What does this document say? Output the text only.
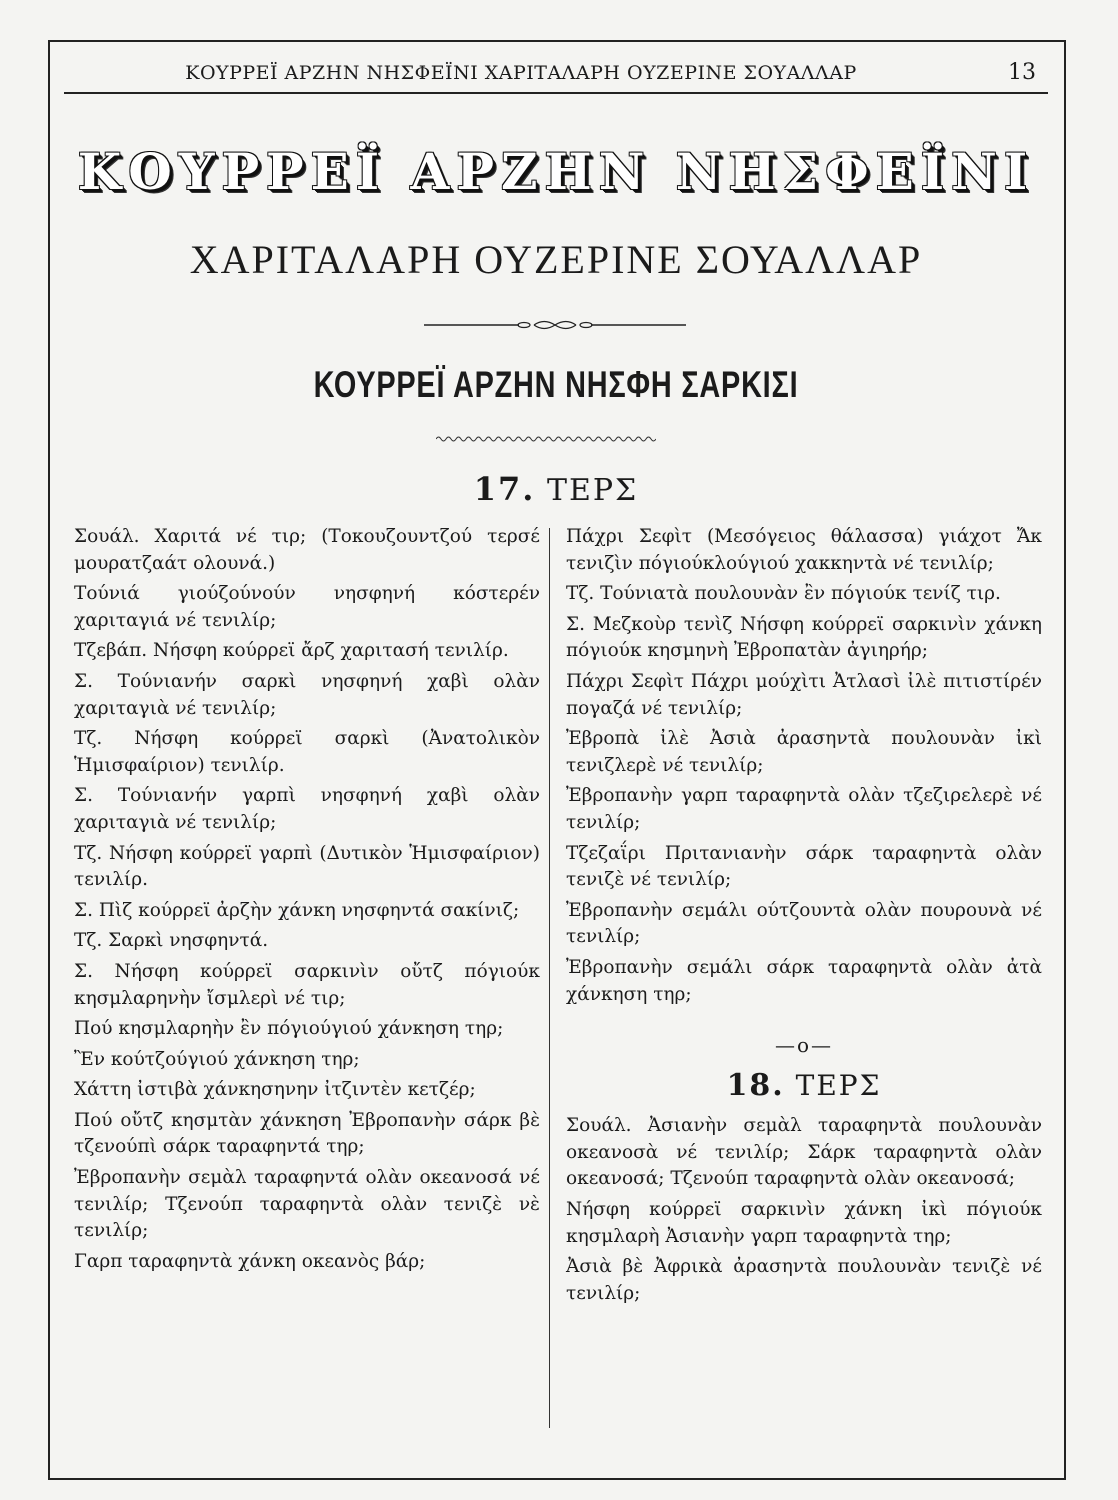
ΚΟΥΡΡΕΪ ΑΡΖΗΝ ΝΗΣΦΕΪΝΙ ΧΑΡΙΤΑΛΑΡΗ ΟΥΖΕΡΙΝΕ ΣΟΥΑΛΛΑΡ	13
ΚΟΥΡΡΕΪ ΑΡΖΗΝ ΝΗΣΦΕΪΝΙ
ΧΑΡΙΤΑΛΑΡΗ ΟΥΖΕΡΙΝΕ ΣΟΥΑΛΛΑΡ
ΚΟΥΡΡΕΪ ΑΡΖΗΝ ΝΗΣΦΗ ΣΑΡΚΙΣΙ
17. ΤΕΡΣ

Σουάλ. Χαριτά νέ τιρ; (Τοκουζουντζού τερσέ μουρατζαάτ ολουνά.)

Τούνιά γιούζούνούν νησφηνή κόστερέν χαριταγιά νέ τενιλίρ;

Τζεβάπ. Νήσφη κούρρεϊ ἄρζ χαριτασή τενιλίρ.

Σ. Τούνιανήν σαρκὶ νησφηνή χαβὶ ολὰν χαριταγιὰ νέ τενιλίρ;

Τζ. Νήσφη κούρρεϊ σαρκὶ (Ἀνατολικὸν Ἡμισφαίριον) τενιλίρ.

Σ. Τούνιανήν γαρπὶ νησφηνή χαβὶ ολὰν χαριταγιὰ νέ τενιλίρ;

Τζ. Νήσφη κούρρεϊ γαρπὶ (Δυτικὸν Ἡμισφαίριον) τενιλίρ.

Σ. Πὶζ κούρρεϊ ἀρζὴν χάνκη νησφηντά σακίνιζ;

Τζ. Σαρκὶ νησφηντά.

Σ. Νήσφη κούρρεϊ σαρκινὶν οὔτζ πόγιούκ κησμλαρηνὴν ἴσμλερὶ νέ τιρ;

Πού κησμλαρηὴν ἒν πόγιούγιού χάνκηση τηρ;

Ἒν κούτζούγιού χάνκηση τηρ;

Χάττη ἰστιβὰ χάνκησηνην ἰτζιντὲν κετζέρ;

Πού οὔτζ κησμτὰν χάνκηση Ἐβροπανὴν σάρκ βὲ τζενούπὶ σάρκ ταραφηντά τηρ;

Ἐβροπανὴν σεμὰλ ταραφηντά ολὰν οκεανοσά νέ τενιλίρ; Τζενούπ ταραφηντὰ ολὰν τενιζὲ νὲ τενιλίρ;

Γαρπ ταραφηντὰ χάνκη οκεανὸς βάρ;

Πάχρι Σεφὶτ (Μεσόγειος θάλασσα) γιάχοτ Ἄκ τενιζὶν πόγιούκλούγιού χακκηντὰ νέ τενιλίρ;

Τζ. Τούνιατὰ πουλουνὰν ἒν πόγιούκ τενίζ τιρ.

Σ. Μεζκοὺρ τενὶζ Νήσφη κούρρεϊ σαρκινὶν χάνκη πόγιούκ κησμηνὴ Ἐβροπατὰν ἀγιηρήρ;

Πάχρι Σεφὶτ Πάχρι μούχὶτι Ἀτλασὶ ἰλὲ πιτιστίρέν πογαζά νέ τενιλίρ;

Ἐβροπὰ ἰλὲ Ἀσιὰ ἀρασηντὰ πουλουνὰν ἰκὶ τενιζλερὲ νέ τενιλίρ;

Ἐβροπανὴν γαρπ ταραφηντὰ ολὰν τζεζιρελερὲ νέ τενιλίρ;

Τζεζαΐρι Πριτανιανὴν σάρκ ταραφηντὰ ολὰν τενιζὲ νέ τενιλίρ;

Ἐβροπανὴν σεμάλι ούτζουντὰ ολὰν πουρουνὰ νέ τενιλίρ;

Ἐβροπανὴν σεμάλι σάρκ ταραφηντὰ ολὰν ἀτὰ χάνκηση τηρ;

—ο—
18. ΤΕΡΣ

Σουάλ. Ἀσιανὴν σεμὰλ ταραφηντὰ πουλουνὰν οκεανοσὰ νέ τενιλίρ; Σάρκ ταραφηντὰ ολὰν οκεανοσά; Τζενούπ ταραφηντὰ ολὰν οκεανοσά;

Νήσφη κούρρεϊ σαρκινὶν χάνκη ἰκὶ πόγιούκ κησμλαρὴ Ἀσιανὴν γαρπ ταραφηντὰ τηρ;

Ἀσιὰ βὲ Ἀφρικὰ ἀρασηντὰ πουλουνὰν τενιζὲ νέ τενιλίρ;
